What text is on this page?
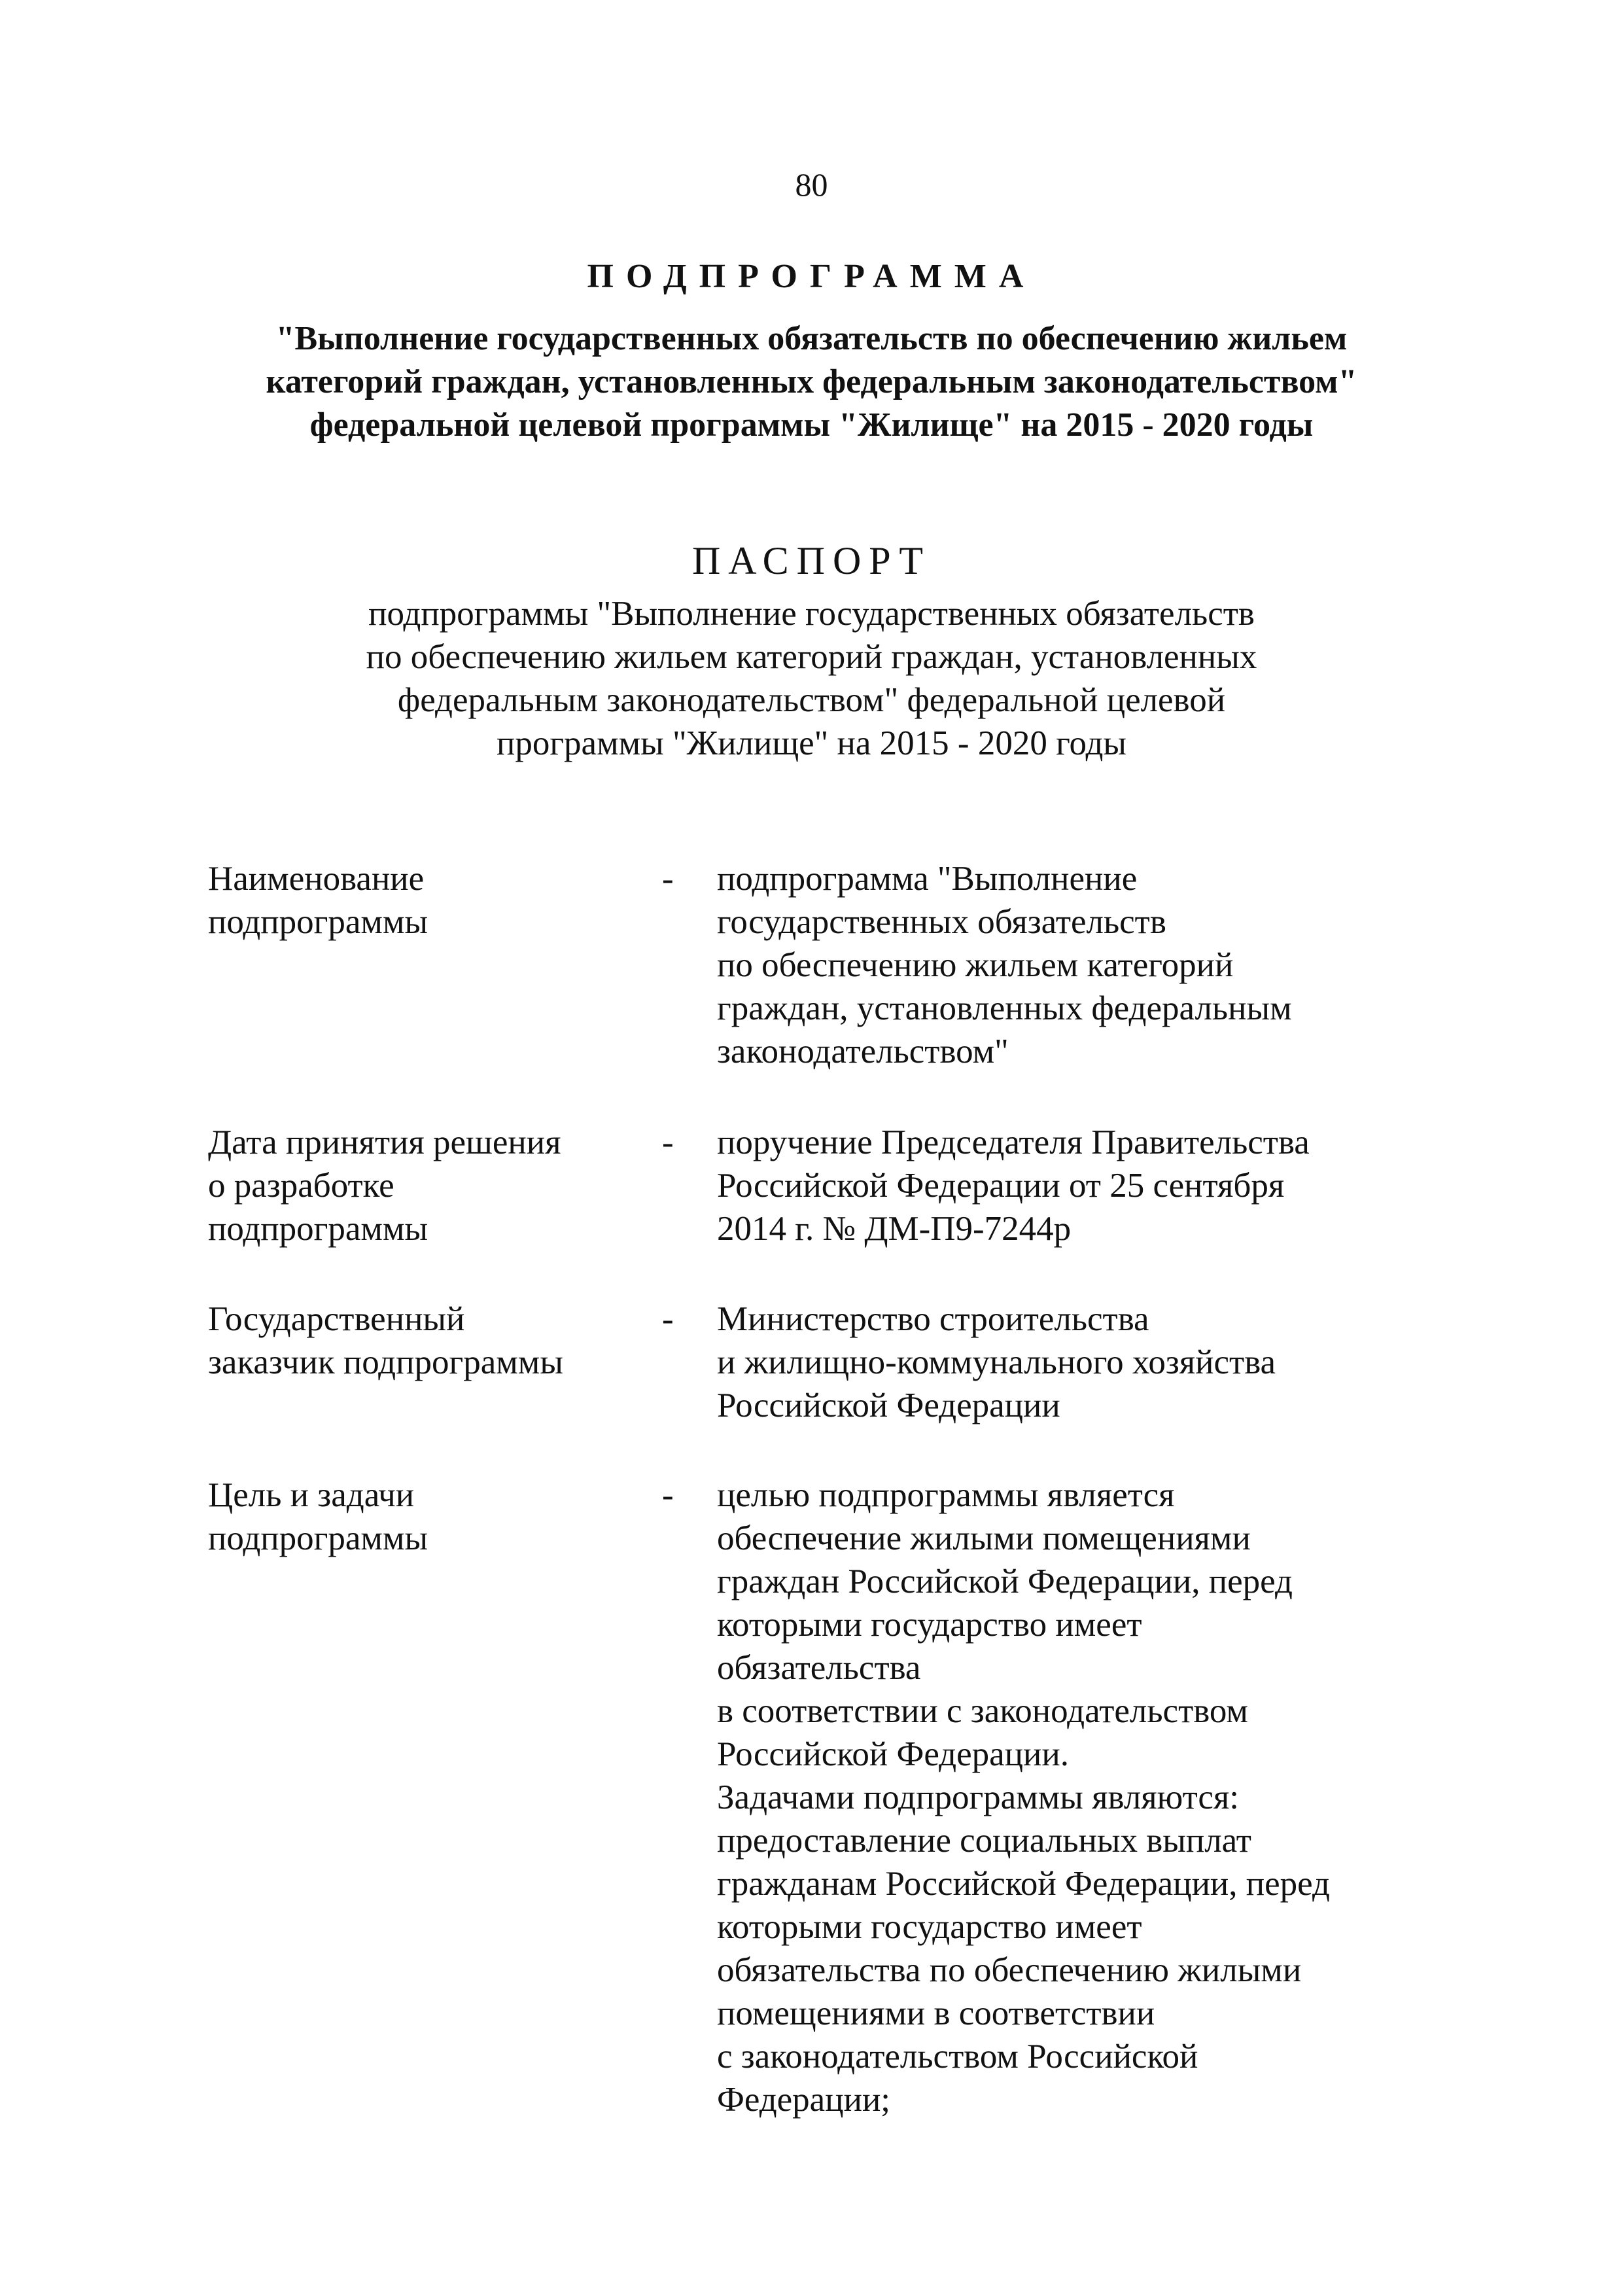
80
ПОДПРОГРАММА
"Выполнение государственных обязательств по обеспечению жильем
категорий граждан, установленных федеральным законодательством"
федеральной целевой программы "Жилище" на 2015 - 2020 годы
ПАСПОРТ
подпрограммы "Выполнение государственных обязательств
по обеспечению жильем категорий граждан, установленных
федеральным законодательством" федеральной целевой
программы "Жилище" на 2015 - 2020 годы
Наименование
подпрограммы
-	подпрограмма "Выполнение
государственных обязательств
по обеспечению жильем категорий
граждан, установленных федеральным
законодательством"
Дата принятия решения
о разработке
подпрограммы
-	поручение Председателя Правительства
Российской Федерации от 25 сентября
2014 г. № ДМ-П9-7244р
Государственный
заказчик подпрограммы
-	Министерство строительства
и жилищно-коммунального хозяйства
Российской Федерации
Цель и задачи
подпрограммы
-	целью подпрограммы является
обеспечение жилыми помещениями
граждан Российской Федерации, перед
которыми государство имеет
обязательства
в соответствии с законодательством
Российской Федерации.
Задачами подпрограммы являются:
предоставление социальных выплат
гражданам Российской Федерации, перед
которыми государство имеет
обязательства по обеспечению жилыми
помещениями в соответствии
с законодательством Российской
Федерации;
